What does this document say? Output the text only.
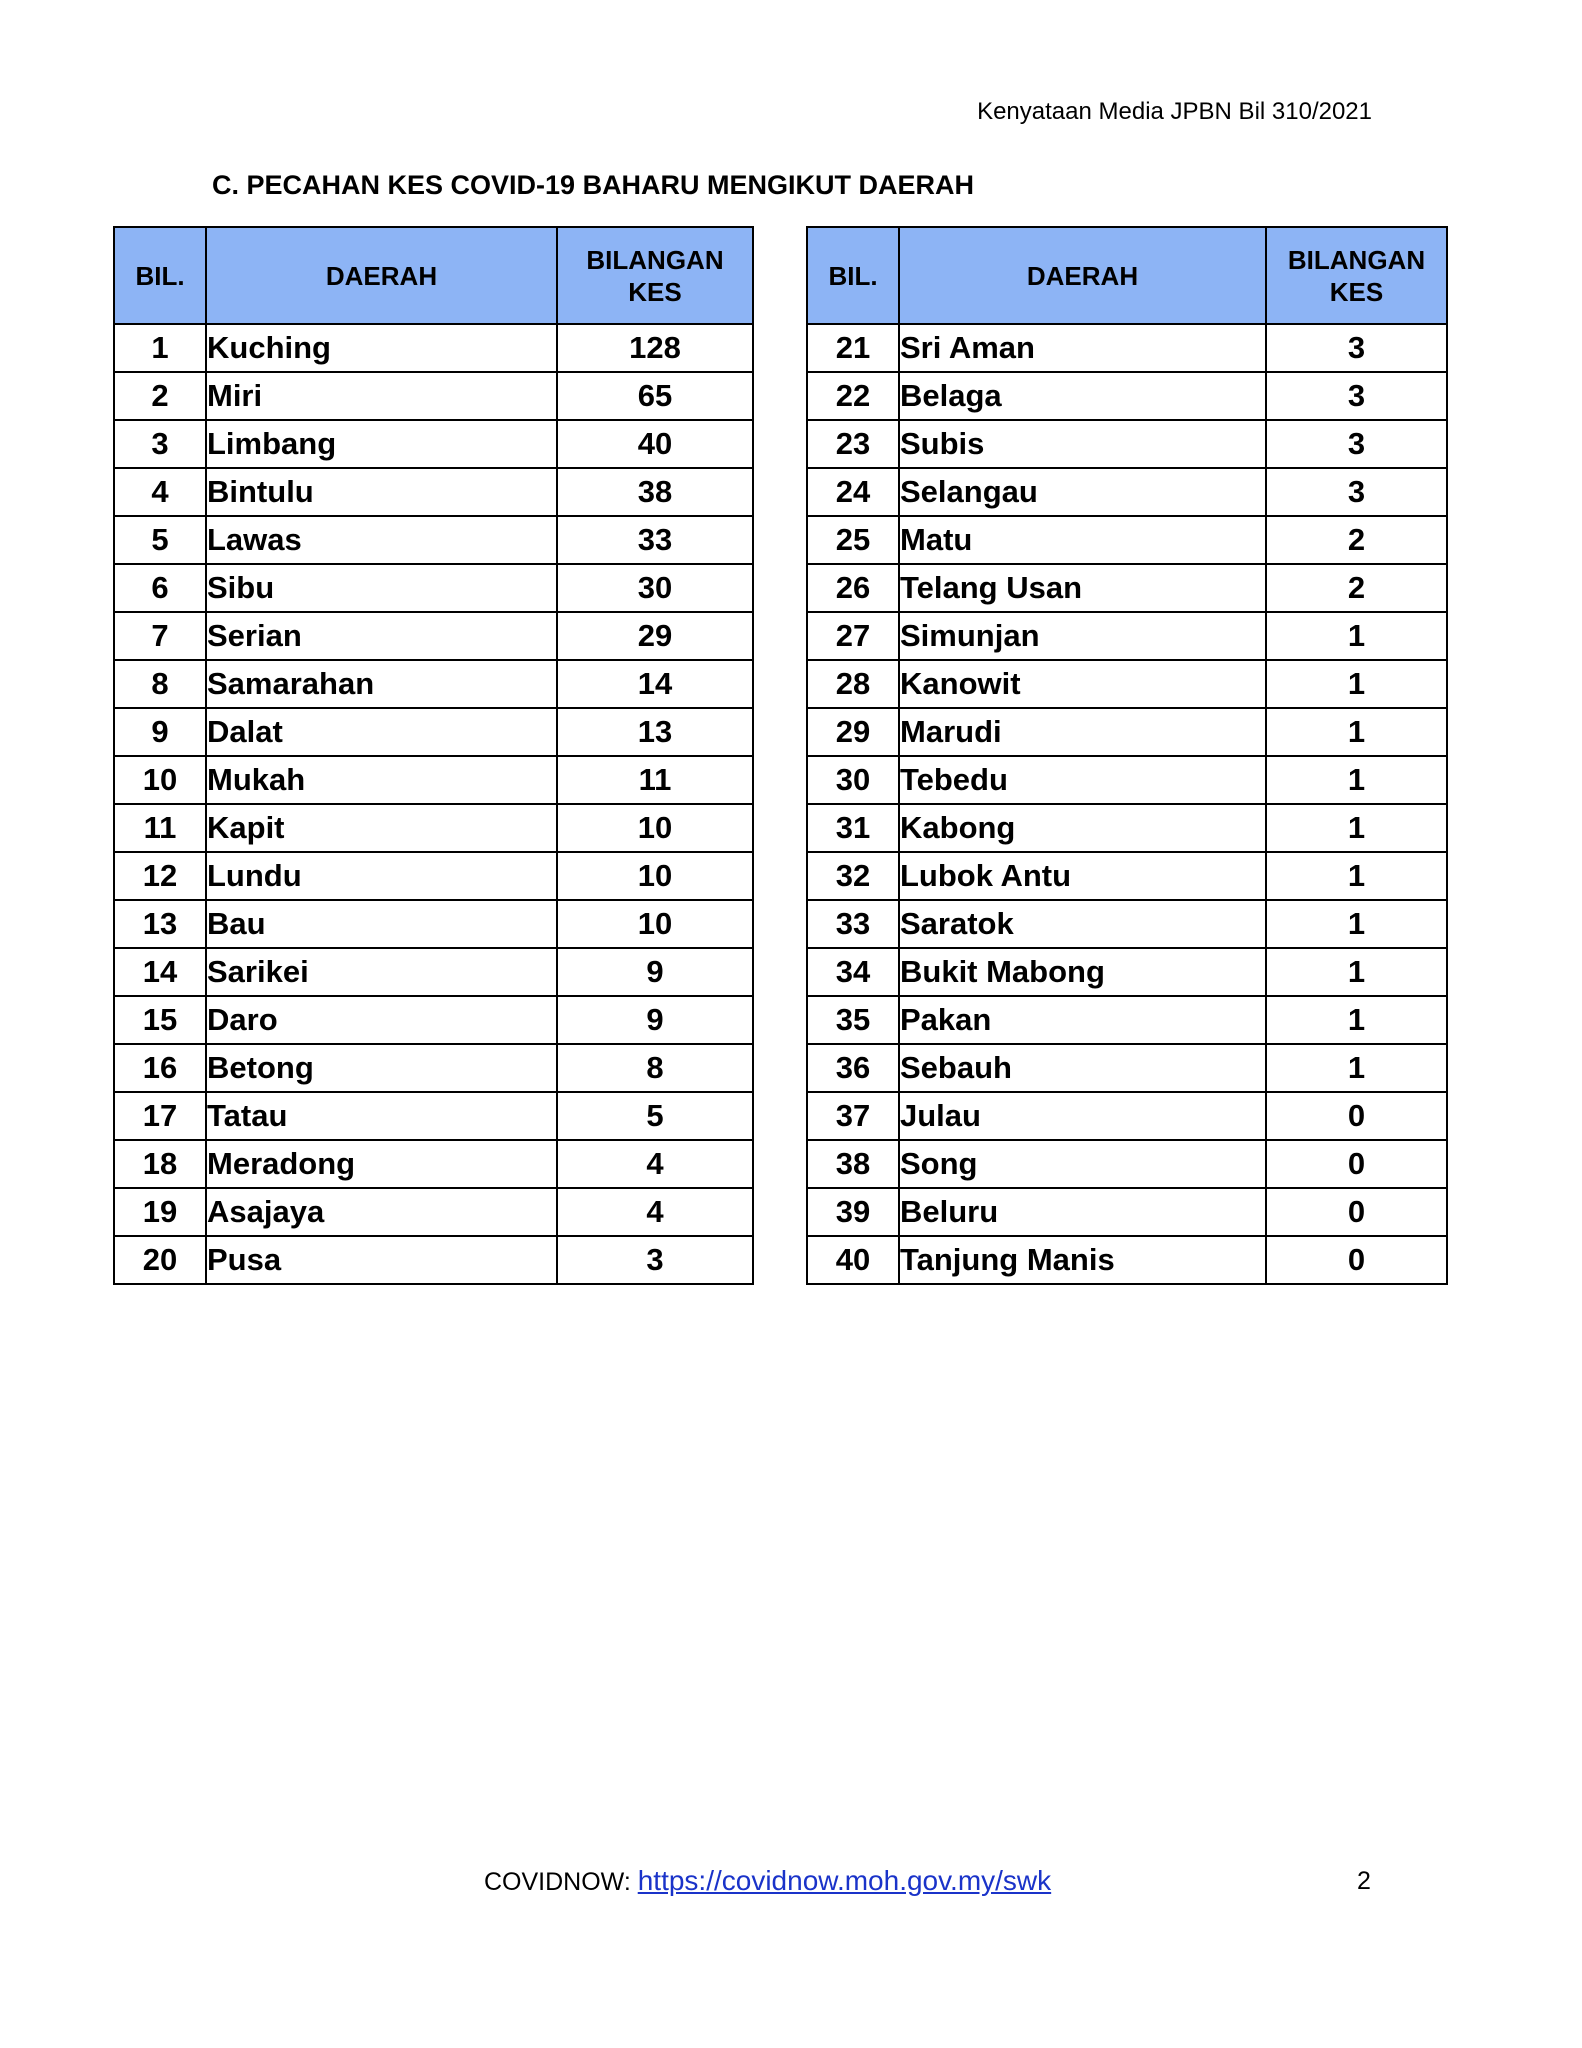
Kenyataan Media JPBN Bil 310/2021
C. PECAHAN KES COVID-19 BAHARU MENGIKUT DAERAH
BIL.	DAERAH	BILANGAN
KES
1	Kuching	128
2	Miri	65
3	Limbang	40
4	Bintulu	38
5	Lawas	33
6	Sibu	30
7	Serian	29
8	Samarahan	14
9	Dalat	13
10	Mukah	11
11	Kapit	10
12	Lundu	10
13	Bau	10
14	Sarikei	9
15	Daro	9
16	Betong	8
17	Tatau	5
18	Meradong	4
19	Asajaya	4
20	Pusa	3
BIL.	DAERAH	BILANGAN
KES
21	Sri Aman	3
22	Belaga	3
23	Subis	3
24	Selangau	3
25	Matu	2
26	Telang Usan	2
27	Simunjan	1
28	Kanowit	1
29	Marudi	1
30	Tebedu	1
31	Kabong	1
32	Lubok Antu	1
33	Saratok	1
34	Bukit Mabong	1
35	Pakan	1
36	Sebauh	1
37	Julau	0
38	Song	0
39	Beluru	0
40	Tanjung Manis	0
COVIDNOW: https://covidnow.moh.gov.my/swk	2
